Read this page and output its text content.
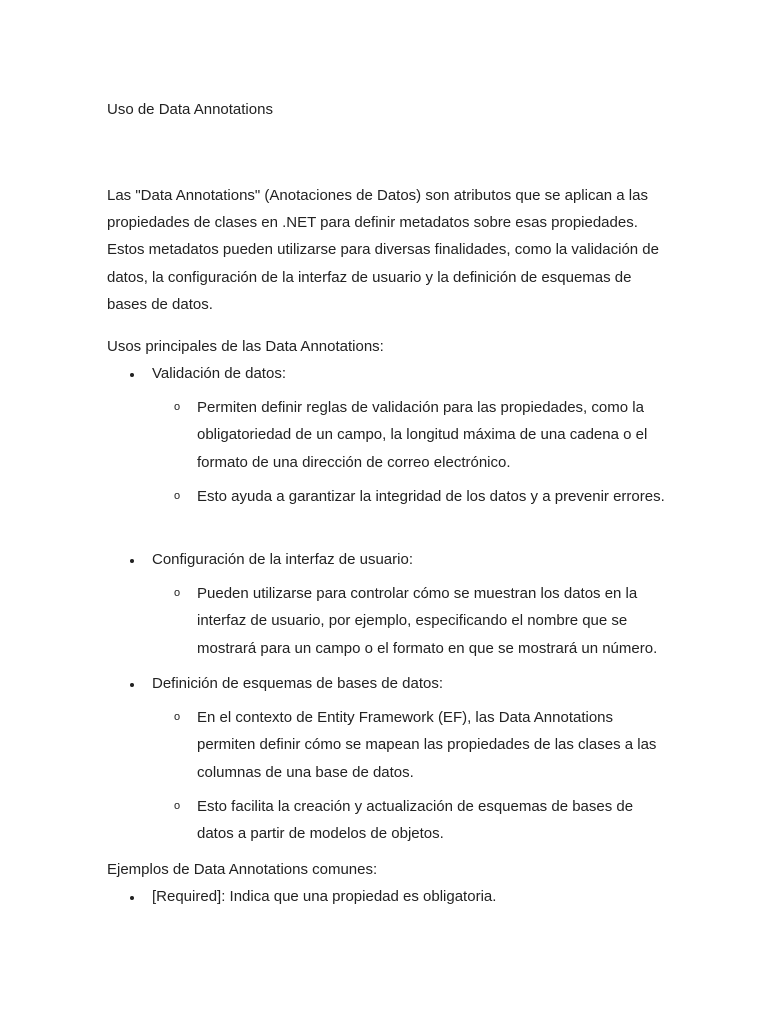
Uso de Data Annotations

Las "Data Annotations" (Anotaciones de Datos) son atributos que se aplican a las propiedades de clases en .NET para definir metadatos sobre esas propiedades. Estos metadatos pueden utilizarse para diversas finalidades, como la validación de datos, la configuración de la interfaz de usuario y la definición de esquemas de bases de datos.

Usos principales de las Data Annotations:
Validación de datos:

o Permiten definir reglas de validación para las propiedades, como la obligatoriedad de un campo, la longitud máxima de una cadena o el formato de una dirección de correo electrónico.

o Esto ayuda a garantizar la integridad de los datos y a prevenir errores.

Configuración de la interfaz de usuario:

o Pueden utilizarse para controlar cómo se muestran los datos en la interfaz de usuario, por ejemplo, especificando el nombre que se mostrará para un campo o el formato en que se mostrará un número.

Definición de esquemas de bases de datos:

o En el contexto de Entity Framework (EF), las Data Annotations permiten definir cómo se mapean las propiedades de las clases a las columnas de una base de datos.

o Esto facilita la creación y actualización de esquemas de bases de datos a partir de modelos de objetos.

Ejemplos de Data Annotations comunes:
[Required]: Indica que una propiedad es obligatoria.
